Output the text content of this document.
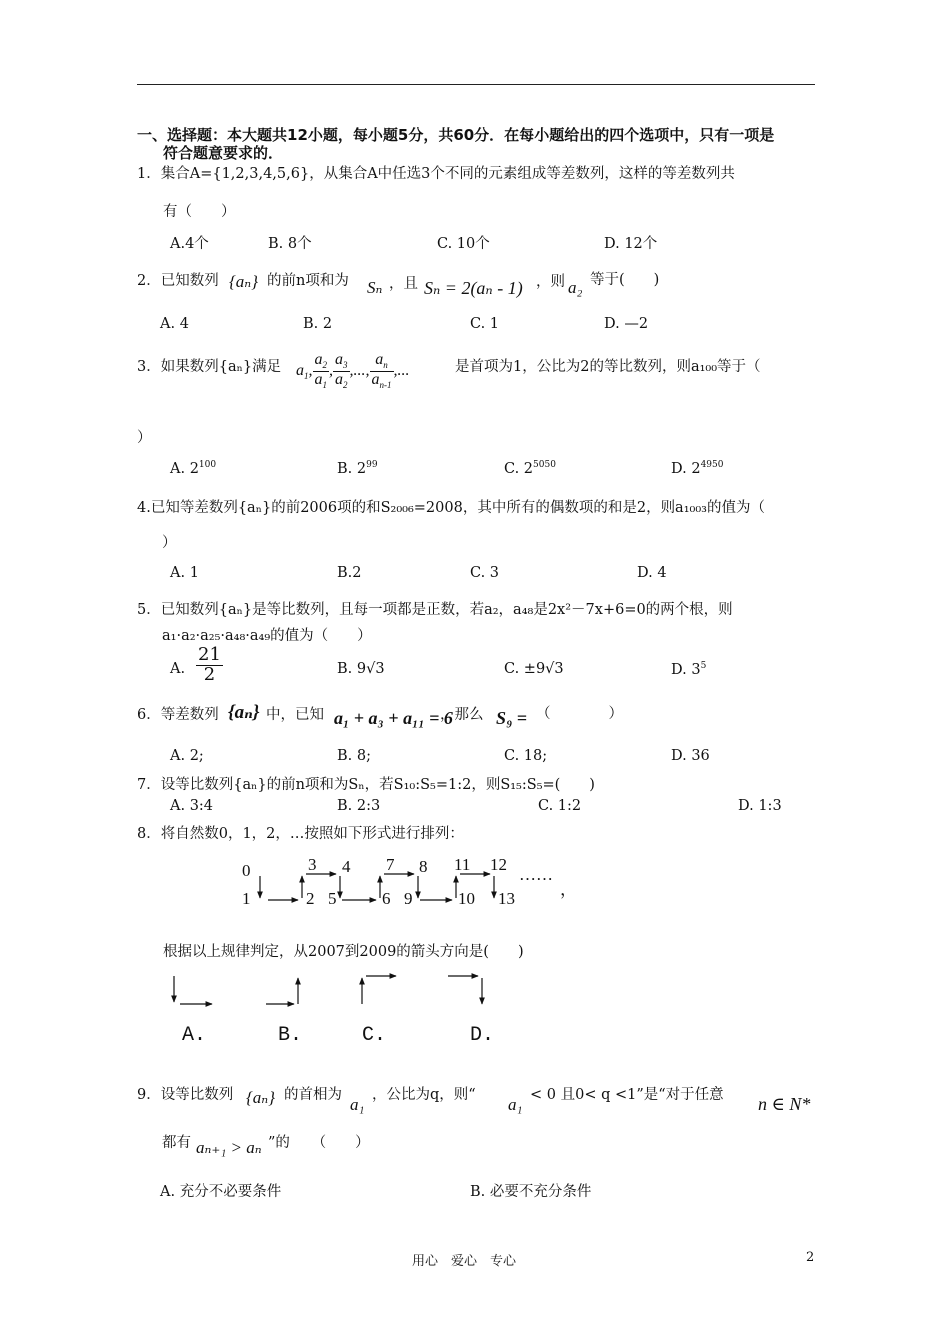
一、选择题：本大题共12小题，每小题5分，共60分．在每小题给出的四个选项中，只有一项是
符合题意要求的．
1．集合A={1,2,3,4,5,6}，从集合A中任选3个不同的元素组成等差数列，这样的等差数列共
有（　　）
A.4个	B. 8个	C. 10个	D. 12个
2．已知数列 {aₙ} 的前n项和为 Sₙ ，且 Sₙ = 2(aₙ - 1) ，则 a₂ 等于(　　)
A. 4	B. 2	C. 1	D. —2
3．如果数列{aₙ}满足 $a_1$, $\frac{a_2}{a_1}$ , $\frac{a_3}{a_2}$ ,..., $\frac{a_n}{a_{n-1}}$ ,...	是首项为1，公比为2的等比数列，则a₁₀₀等于（
）
A. $2^{100}$	B. $2^{99}$	C. $2^{5050}$	D. $2^{4950}$
4.已知等差数列{aₙ}的前2006项的和S₂₀₀₆=2008，其中所有的偶数项的和是2，则a₁₀₀₃的值为（
）
A. 1	B.2	C. 3	D. 4
5．已知数列{aₙ}是等比数列，且每一项都是正数，若a₂，a₄₈是2x²－7x+6=0的两个根，则
a₁·a₂·a₂₅·a₄₈·a₄₉的值为（　　）
A. $\frac{21}{2}$	B. 9√3	C. ±9√3	D. $3^5$
6．等差数列 {aₙ} 中，已知 a₁ + a₃ + a₁₁ = 6
，那么 S₉ = （　　　　）
A. 2;	B. 8;	C. 18;	D. 36
7．设等比数列{aₙ}的前n项和为Sₙ，若S₁₀:S₅=1:2，则S₁₅:S₅=(　　)
A. 3:4	B. 2:3	C. 1:2	D. 1:3
8．将自然数0，1，2，…按照如下形式进行排列：
0
1
3 4
2 5
7 8
6 9
11 12
10 13
……
，
根据以上规律判定，从2007到2009的箭头方向是(　　)
A.	B.	C.	D.
9．设等比数列 {aₙ} 的首相为 a₁ ，公比为q，则“ a₁ < 0 且0< q <1”是“对于任意 n ∈ N*
都有 aₙ₊₁ > aₙ ”的　　（　　）
A. 充分不必要条件	B. 必要不充分条件
用心　爱心　专心	2
